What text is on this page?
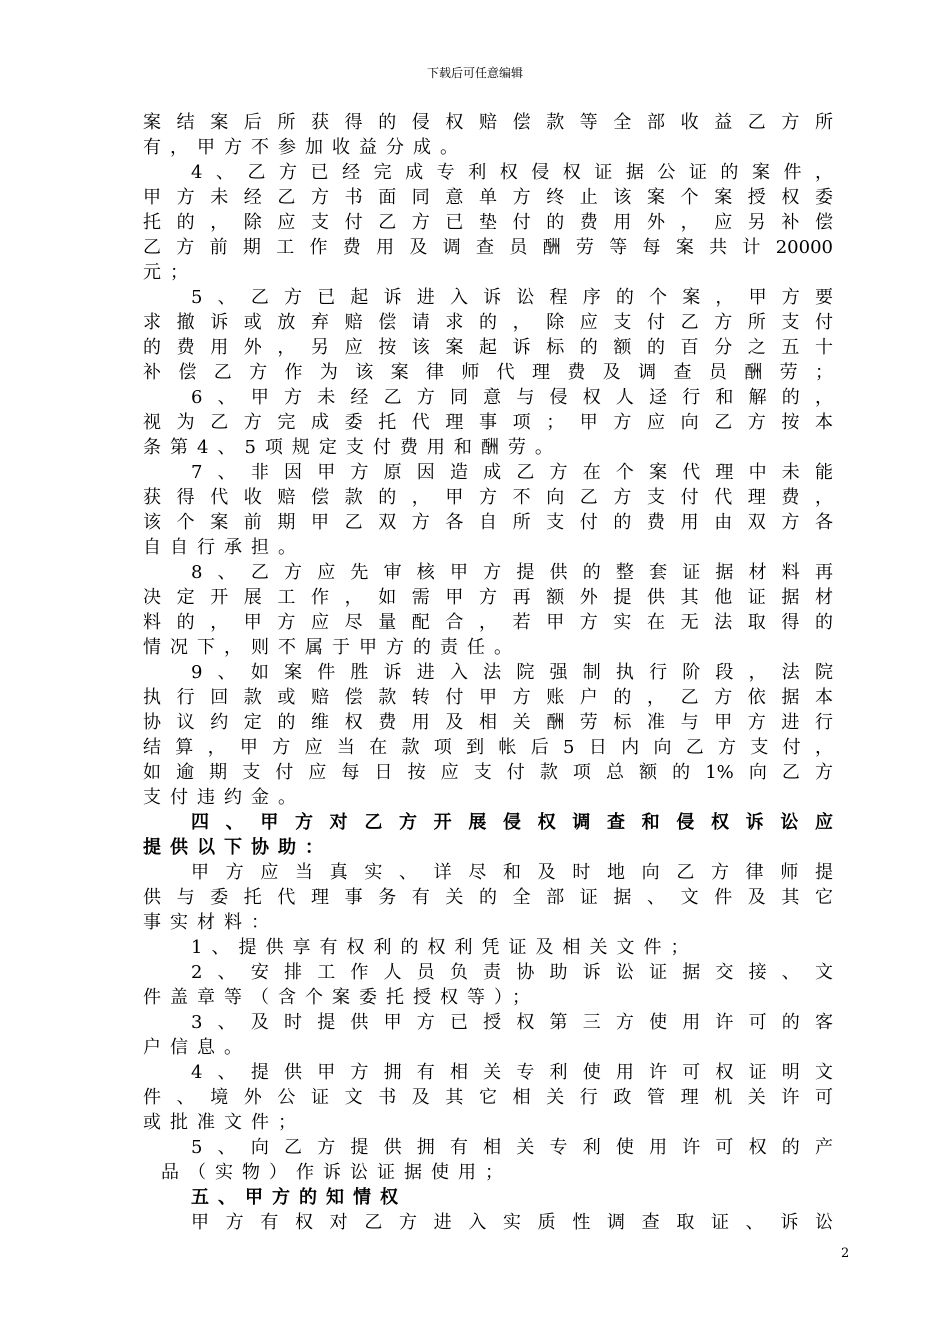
下载后可任意编辑
案结案后所获得的侵权赔偿款等全部收益乙方所
有，甲方不参加收益分成。
4、乙方已经完成专利权侵权证据公证的案件，
甲方未经乙方书面同意单方终止该案个案授权委
托的，除应支付乙方已垫付的费用外，应另补偿
乙方前期工作费用及调查员酬劳等每案共计20000
元；
5、乙方已起诉进入诉讼程序的个案，甲方要
求撤诉或放弃赔偿请求的，除应支付乙方所支付
的费用外，另应按该案起诉标的额的百分之五十
补偿乙方作为该案律师代理费及调查员酬劳；
6、甲方未经乙方同意与侵权人迳行和解的，
视为乙方完成委托代理事项；甲方应向乙方按本
条第4、5项规定支付费用和酬劳。
7、非因甲方原因造成乙方在个案代理中未能
获得代收赔偿款的，甲方不向乙方支付代理费，
该个案前期甲乙双方各自所支付的费用由双方各
自自行承担。
8、乙方应先审核甲方提供的整套证据材料再
决定开展工作，如需甲方再额外提供其他证据材
料的，甲方应尽量配合，若甲方实在无法取得的
情况下，则不属于甲方的责任。
9、如案件胜诉进入法院强制执行阶段，法院
执行回款或赔偿款转付甲方账户的，乙方依据本
协议约定的维权费用及相关酬劳标准与甲方进行
结算，甲方应当在款项到帐后5日内向乙方支付，
如逾期支付应每日按应支付款项总额的1%向乙方
支付违约金。
四、甲方对乙方开展侵权调查和侵权诉讼应
提供以下协助：
甲方应当真实、详尽和及时地向乙方律师提
供与委托代理事务有关的全部证据、文件及其它
事实材料：
1、提供享有权利的权利凭证及相关文件；
2、安排工作人员负责协助诉讼证据交接、文
件盖章等（含个案委托授权等）；
3、及时提供甲方已授权第三方使用许可的客
户信息。
4、提供甲方拥有相关专利使用许可权证明文
件、境外公证文书及其它相关行政管理机关许可
或批准文件；
5、向乙方提供拥有相关专利使用许可权的产
品（实物）作诉讼证据使用；
五、甲方的知情权
甲方有权对乙方进入实质性调查取证、诉讼
2
